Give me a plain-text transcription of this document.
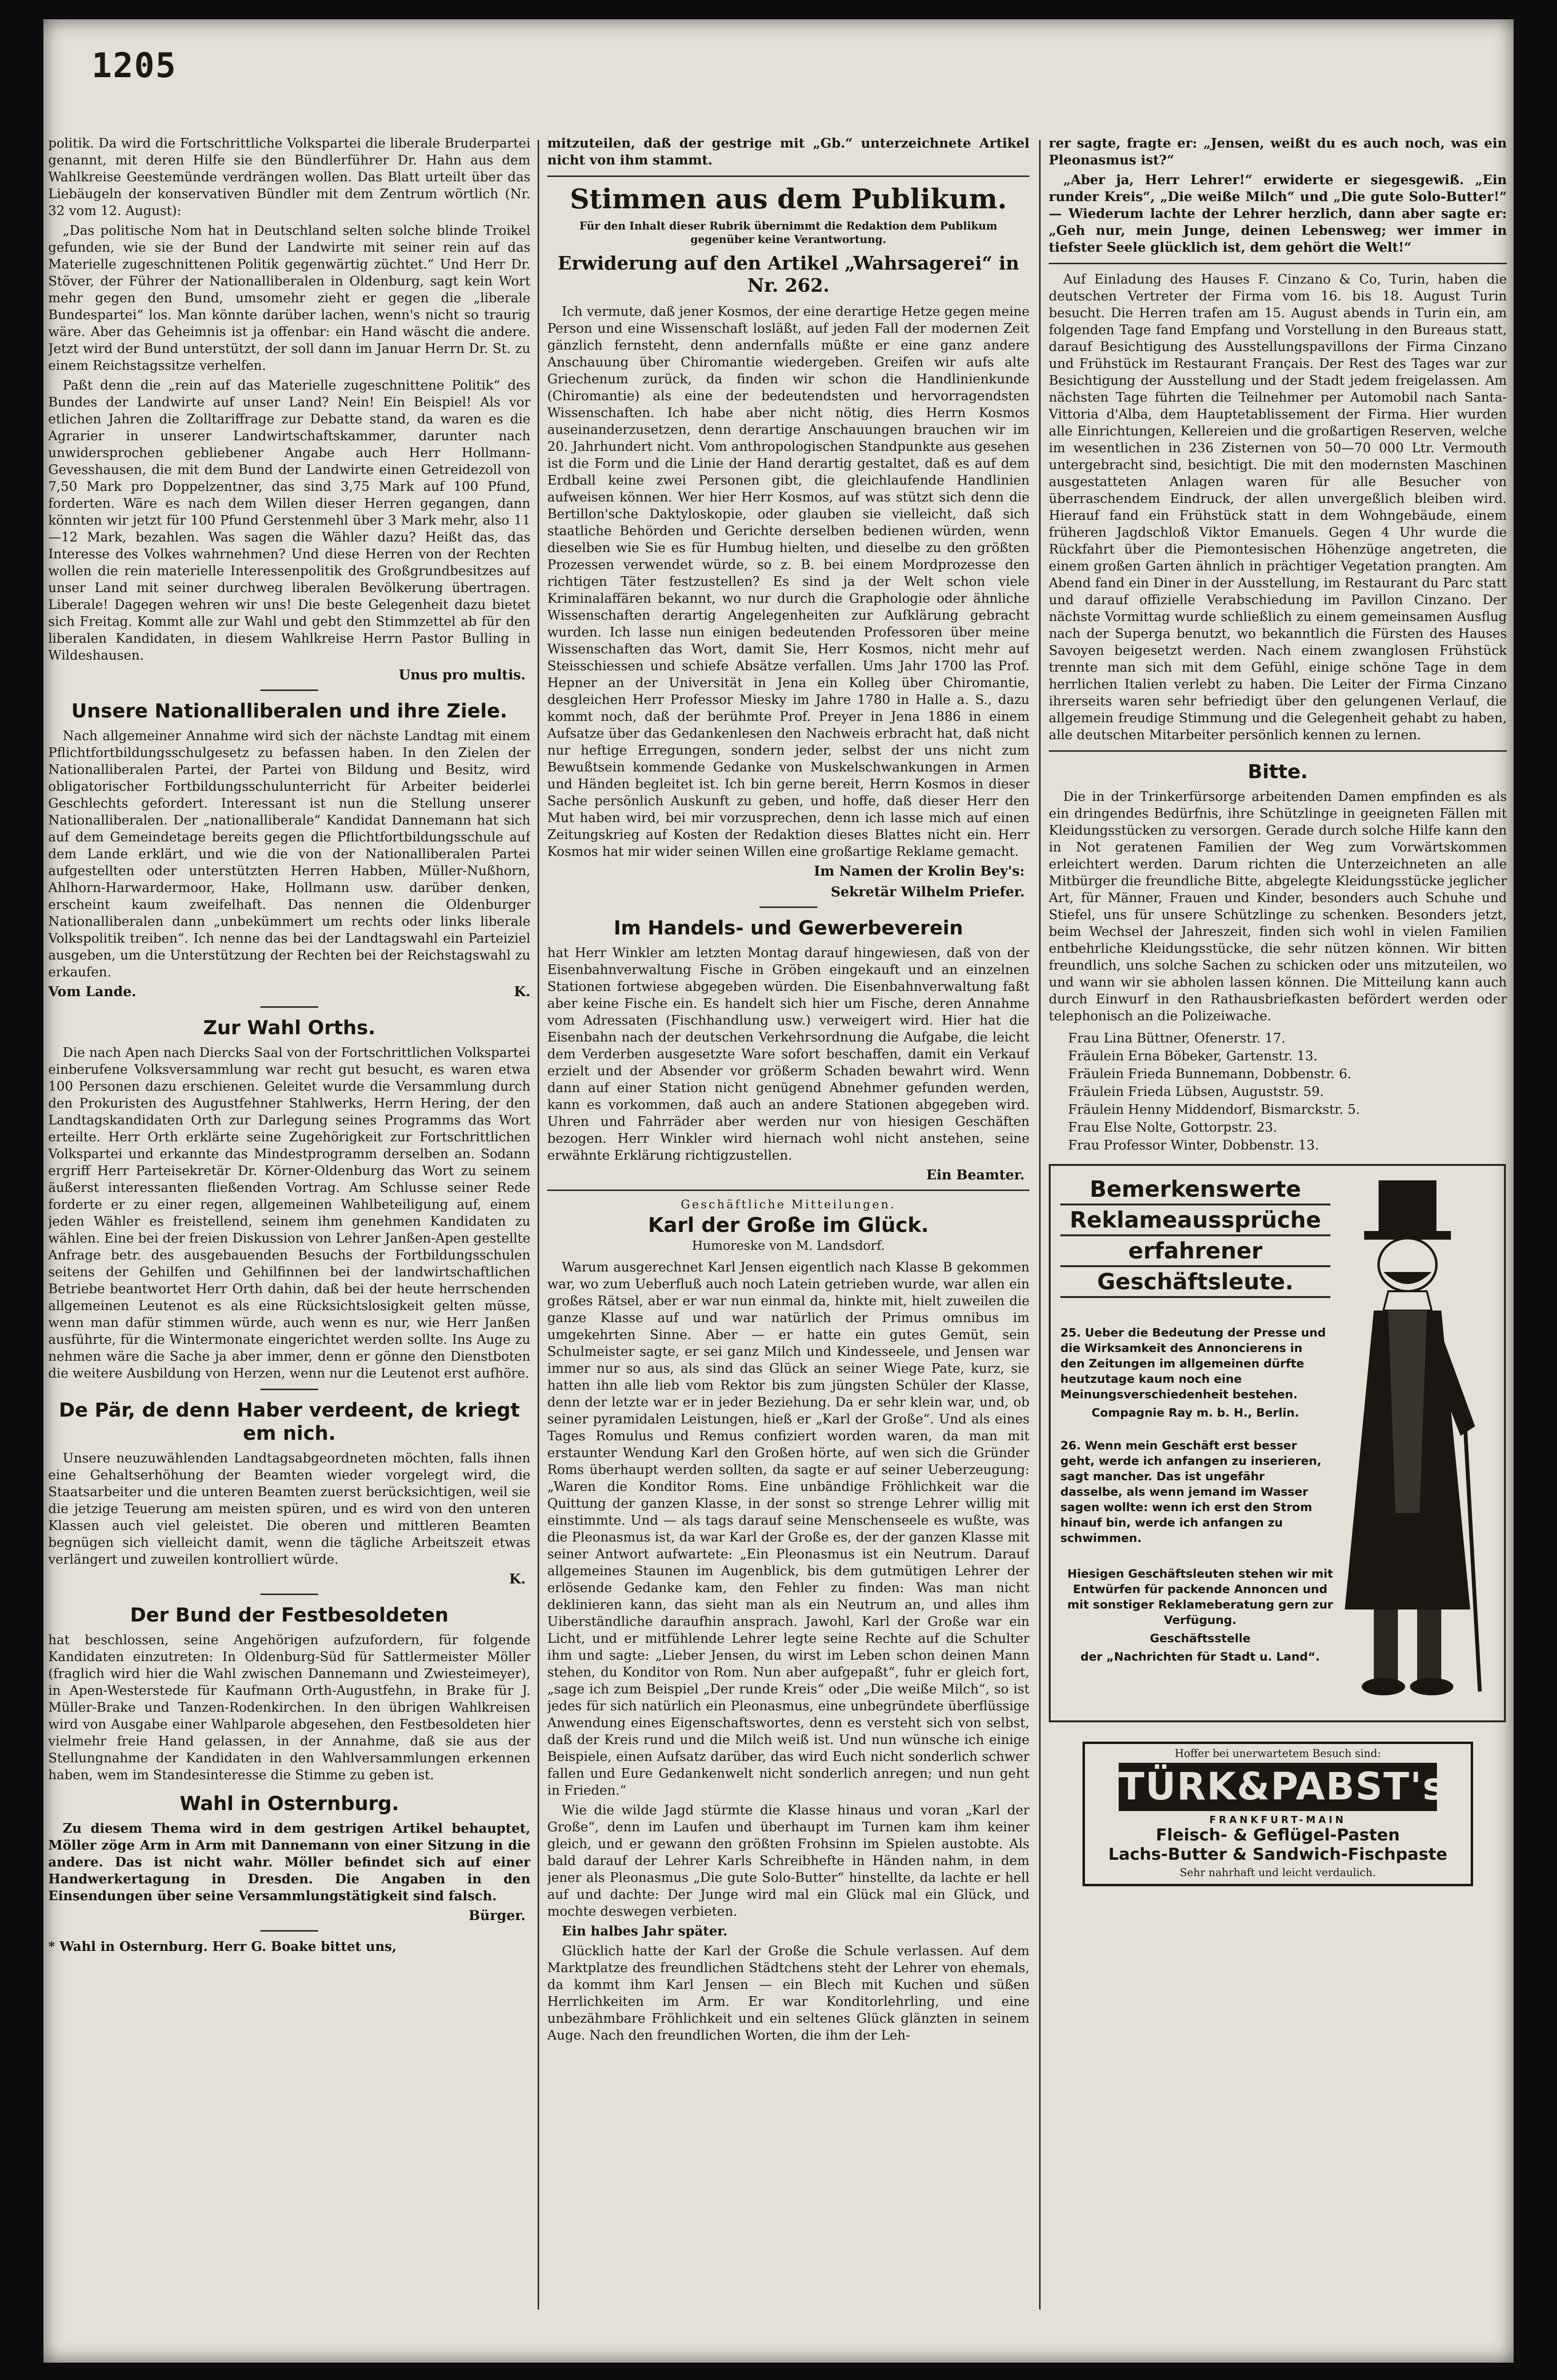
1205

politik. Da wird die Fortschrittliche Volkspartei die liberale Bruderpartei genannt, mit deren Hilfe sie den Bündlerführer Dr. Hahn aus dem Wahlkreise Geestemünde verdrängen wollen. Das Blatt urteilt über das Liebäugeln der konservativen Bündler mit dem Zentrum wörtlich (Nr. 32 vom 12. August):

„Das politische Nom hat in Deutschland selten solche blinde Troikel gefunden, wie sie der Bund der Landwirte mit seiner rein auf das Materielle zugeschnittenen Politik gegenwärtig züchtet.“ Und Herr Dr. Stöver, der Führer der Nationalliberalen in Oldenburg, sagt kein Wort mehr gegen den Bund, umsomehr zieht er gegen die „liberale Bundespartei“ los. Man könnte darüber lachen, wenn's nicht so traurig wäre. Aber das Geheimnis ist ja offenbar: ein Hand wäscht die andere. Jetzt wird der Bund unterstützt, der soll dann im Januar Herrn Dr. St. zu einem Reichstagssitze verhelfen.

Paßt denn die „rein auf das Materielle zugeschnittene Politik“ des Bundes der Landwirte auf unser Land? Nein! Ein Beispiel! Als vor etlichen Jahren die Zolltariffrage zur Debatte stand, da waren es die Agrarier in unserer Landwirtschaftskammer, darunter nach unwidersprochen gebliebener Angabe auch Herr Hollmann-Gevesshausen, die mit dem Bund der Landwirte einen Getreidezoll von 7,50 Mark pro Doppelzentner, das sind 3,75 Mark auf 100 Pfund, forderten. Wäre es nach dem Willen dieser Herren gegangen, dann könnten wir jetzt für 100 Pfund Gerstenmehl über 3 Mark mehr, also 11—12 Mark, bezahlen. Was sagen die Wähler dazu? Heißt das, das Interesse des Volkes wahrnehmen? Und diese Herren von der Rechten wollen die rein materielle Interessenpolitik des Großgrundbesitzes auf unser Land mit seiner durchweg liberalen Bevölkerung übertragen. Liberale! Dagegen wehren wir uns! Die beste Gelegenheit dazu bietet sich Freitag. Kommt alle zur Wahl und gebt den Stimmzettel ab für den liberalen Kandidaten, in diesem Wahlkreise Herrn Pastor Bulling in Wildeshausen.

Unus pro multis.
Unsere Nationalliberalen und ihre Ziele.

Nach allgemeiner Annahme wird sich der nächste Landtag mit einem Pflichtfortbildungsschulgesetz zu befassen haben. In den Zielen der Nationalliberalen Partei, der Partei von Bildung und Besitz, wird obligatorischer Fortbildungsschulunterricht für Arbeiter beiderlei Geschlechts gefordert. Interessant ist nun die Stellung unserer Nationalliberalen. Der „nationalliberale“ Kandidat Dannemann hat sich auf dem Gemeindetage bereits gegen die Pflichtfortbildungsschule auf dem Lande erklärt, und wie die von der Nationalliberalen Partei aufgestellten oder unterstützten Herren Habben, Müller-Nußhorn, Ahlhorn-Harwardermoor, Hake, Hollmann usw. darüber denken, erscheint kaum zweifelhaft. Das nennen die Oldenburger Nationalliberalen dann „unbekümmert um rechts oder links liberale Volkspolitik treiben“. Ich nenne das bei der Landtagswahl ein Parteiziel ausgeben, um die Unterstützung der Rechten bei der Reichstagswahl zu erkaufen.

Vom Lande.	K.
Zur Wahl Orths.

Die nach Apen nach Diercks Saal von der Fortschrittlichen Volkspartei einberufene Volksversammlung war recht gut besucht, es waren etwa 100 Personen dazu erschienen. Geleitet wurde die Versammlung durch den Prokuristen des Augustfehner Stahlwerks, Herrn Hering, der den Landtagskandidaten Orth zur Darlegung seines Programms das Wort erteilte. Herr Orth erklärte seine Zugehörigkeit zur Fortschrittlichen Volkspartei und erkannte das Mindestprogramm derselben an. Sodann ergriff Herr Parteisekretär Dr. Körner-Oldenburg das Wort zu seinem äußerst interessanten fließenden Vortrag. Am Schlusse seiner Rede forderte er zu einer regen, allgemeinen Wahlbeteiligung auf, einem jeden Wähler es freistellend, seinem ihm genehmen Kandidaten zu wählen. Eine bei der freien Diskussion von Lehrer Janßen-Apen gestellte Anfrage betr. des ausgebauenden Besuchs der Fortbildungsschulen seitens der Gehilfen und Gehilfinnen bei der landwirtschaftlichen Betriebe beantwortet Herr Orth dahin, daß bei der heute herrschenden allgemeinen Leutenot es als eine Rücksichtslosigkeit gelten müsse, wenn man dafür stimmen würde, auch wenn es nur, wie Herr Janßen ausführte, für die Wintermonate eingerichtet werden sollte. Ins Auge zu nehmen wäre die Sache ja aber immer, denn er gönne den Dienstboten die weitere Ausbildung von Herzen, wenn nur die Leutenot erst aufhöre.

De Pär, de denn Haber verdeent, de kriegt em nich.

Unsere neuzuwählenden Landtagsabgeordneten möchten, falls ihnen eine Gehaltserhöhung der Beamten wieder vorgelegt wird, die Staatsarbeiter und die unteren Beamten zuerst berücksichtigen, weil sie die jetzige Teuerung am meisten spüren, und es wird von den unteren Klassen auch viel geleistet. Die oberen und mittleren Beamten begnügen sich vielleicht damit, wenn die tägliche Arbeitszeit etwas verlängert und zuweilen kontrolliert würde.

K.
Der Bund der Festbesoldeten

hat beschlossen, seine Angehörigen aufzufordern, für folgende Kandidaten einzutreten: In Oldenburg-Süd für Sattlermeister Möller (fraglich wird hier die Wahl zwischen Dannemann und Zwiesteimeyer), in Apen-Westerstede für Kaufmann Orth-Augustfehn, in Brake für J. Müller-Brake und Tanzen-Rodenkirchen. In den übrigen Wahlkreisen wird von Ausgabe einer Wahlparole abgesehen, den Festbesoldeten hier vielmehr freie Hand gelassen, in der Annahme, daß sie aus der Stellungnahme der Kandidaten in den Wahlversammlungen erkennen haben, wem im Standesinteresse die Stimme zu geben ist.

Wahl in Osternburg.

Zu diesem Thema wird in dem gestrigen Artikel behauptet, Möller zöge Arm in Arm mit Dannemann von einer Sitzung in die andere. Das ist nicht wahr. Möller befindet sich auf einer Handwerkertagung in Dresden. Die Angaben in den Einsendungen über seine Versammlungstätigkeit sind falsch.

Bürger.

* Wahl in Osternburg. Herr G. Boake bittet uns,

mitzuteilen, daß der gestrige mit „Gb.“ unterzeichnete Artikel nicht von ihm stammt.

Stimmen aus dem Publikum.
Für den Inhalt dieser Rubrik übernimmt die Redaktion dem Publikum gegenüber keine Verantwortung.
Erwiderung auf den Artikel „Wahrsagerei“ in Nr. 262.

Ich vermute, daß jener Kosmos, der eine derartige Hetze gegen meine Person und eine Wissenschaft losläßt, auf jeden Fall der modernen Zeit gänzlich fernsteht, denn andernfalls müßte er eine ganz andere Anschauung über Chiromantie wiedergeben. Greifen wir aufs alte Griechenum zurück, da finden wir schon die Handlinienkunde (Chiromantie) als eine der bedeutendsten und hervorragendsten Wissenschaften. Ich habe aber nicht nötig, dies Herrn Kosmos auseinanderzusetzen, denn derartige Anschauungen brauchen wir im 20. Jahrhundert nicht. Vom anthropologischen Standpunkte aus gesehen ist die Form und die Linie der Hand derartig gestaltet, daß es auf dem Erdball keine zwei Personen gibt, die gleichlaufende Handlinien aufweisen können. Wer hier Herr Kosmos, auf was stützt sich denn die Bertillon'sche Daktyloskopie, oder glauben sie vielleicht, daß sich staatliche Behörden und Gerichte derselben bedienen würden, wenn dieselben wie Sie es für Humbug hielten, und dieselbe zu den größten Prozessen verwendet würde, so z. B. bei einem Mordprozesse den richtigen Täter festzustellen? Es sind ja der Welt schon viele Kriminalaffären bekannt, wo nur durch die Graphologie oder ähnliche Wissenschaften derartig Angelegenheiten zur Aufklärung gebracht wurden. Ich lasse nun einigen bedeutenden Professoren über meine Wissenschaften das Wort, damit Sie, Herr Kosmos, nicht mehr auf Steisschiessen und schiefe Absätze verfallen. Ums Jahr 1700 las Prof. Hepner an der Universität in Jena ein Kolleg über Chiromantie, desgleichen Herr Professor Miesky im Jahre 1780 in Halle a. S., dazu kommt noch, daß der berühmte Prof. Preyer in Jena 1886 in einem Aufsatze über das Gedankenlesen den Nachweis erbracht hat, daß nicht nur heftige Erregungen, sondern jeder, selbst der uns nicht zum Bewußtsein kommende Gedanke von Muskelschwankungen in Armen und Händen begleitet ist. Ich bin gerne bereit, Herrn Kosmos in dieser Sache persönlich Auskunft zu geben, und hoffe, daß dieser Herr den Mut haben wird, bei mir vorzusprechen, denn ich lasse mich auf einen Zeitungskrieg auf Kosten der Redaktion dieses Blattes nicht ein. Herr Kosmos hat mir wider seinen Willen eine großartige Reklame gemacht.

Im Namen der Krolin Bey's:
Sekretär Wilhelm Priefer.
Im Handels- und Gewerbeverein

hat Herr Winkler am letzten Montag darauf hingewiesen, daß von der Eisenbahnverwaltung Fische in Gröben eingekauft und an einzelnen Stationen fortwiese abgegeben würden. Die Eisenbahnverwaltung faßt aber keine Fische ein. Es handelt sich hier um Fische, deren Annahme vom Adressaten (Fischhandlung usw.) verweigert wird. Hier hat die Eisenbahn nach der deutschen Verkehrsordnung die Aufgabe, die leicht dem Verderben ausgesetzte Ware sofort beschaffen, damit ein Verkauf erzielt und der Absender vor größerm Schaden bewahrt wird. Wenn dann auf einer Station nicht genügend Abnehmer gefunden werden, kann es vorkommen, daß auch an andere Stationen abgegeben wird. Uhren und Fahrräder aber werden nur von hiesigen Geschäften bezogen. Herr Winkler wird hiernach wohl nicht anstehen, seine erwähnte Erklärung richtigzustellen.

Ein Beamter.
Geschäftliche Mitteilungen.
Karl der Große im Glück.
Humoreske von M. Landsdorf.

Warum ausgerechnet Karl Jensen eigentlich nach Klasse B gekommen war, wo zum Ueberfluß auch noch Latein getrieben wurde, war allen ein großes Rätsel, aber er war nun einmal da, hinkte mit, hielt zuweilen die ganze Klasse auf und war natürlich der Primus omnibus im umgekehrten Sinne. Aber — er hatte ein gutes Gemüt, sein Schulmeister sagte, er sei ganz Milch und Kindesseele, und Jensen war immer nur so aus, als sind das Glück an seiner Wiege Pate, kurz, sie hatten ihn alle lieb vom Rektor bis zum jüngsten Schüler der Klasse, denn der letzte war er in jeder Beziehung. Da er sehr klein war, und, ob seiner pyramidalen Leistungen, hieß er „Karl der Große“. Und als eines Tages Romulus und Remus confiziert worden waren, da man mit erstaunter Wendung Karl den Großen hörte, auf wen sich die Gründer Roms überhaupt werden sollten, da sagte er auf seiner Ueberzeugung: „Waren die Konditor Roms. Eine unbändige Fröhlichkeit war die Quittung der ganzen Klasse, in der sonst so strenge Lehrer willig mit einstimmte. Und — als tags darauf seine Menschenseele es wußte, was die Pleonasmus ist, da war Karl der Große es, der der ganzen Klasse mit seiner Antwort aufwartete: „Ein Pleonasmus ist ein Neutrum. Darauf allgemeines Staunen im Augenblick, bis dem gutmütigen Lehrer der erlösende Gedanke kam, den Fehler zu finden: Was man nicht deklinieren kann, das sieht man als ein Neutrum an, und alles ihm Uiberständliche daraufhin ansprach. Jawohl, Karl der Große war ein Licht, und er mitfühlende Lehrer legte seine Rechte auf die Schulter ihm und sagte: „Lieber Jensen, du wirst im Leben schon deinen Mann stehen, du Konditor von Rom. Nun aber aufgepaßt“, fuhr er gleich fort, „sage ich zum Beispiel „Der runde Kreis“ oder „Die weiße Milch“, so ist jedes für sich natürlich ein Pleonasmus, eine unbegründete überflüssige Anwendung eines Eigenschaftswortes, denn es versteht sich von selbst, daß der Kreis rund und die Milch weiß ist. Und nun wünsche ich einige Beispiele, einen Aufsatz darüber, das wird Euch nicht sonderlich schwer fallen und Eure Gedankenwelt nicht sonderlich anregen; und nun geht in Frieden.“

Wie die wilde Jagd stürmte die Klasse hinaus und voran „Karl der Große“, denn im Laufen und überhaupt im Turnen kam ihm keiner gleich, und er gewann den größten Frohsinn im Spielen austobte. Als bald darauf der Lehrer Karls Schreibhefte in Händen nahm, in dem jener als Pleonasmus „Die gute Solo-Butter“ hinstellte, da lachte er hell auf und dachte: Der Junge wird mal ein Glück mal ein Glück, und mochte deswegen verbieten.

Ein halbes Jahr später.

Glücklich hatte der Karl der Große die Schule verlassen. Auf dem Marktplatze des freundlichen Städtchens steht der Lehrer von ehemals, da kommt ihm Karl Jensen — ein Blech mit Kuchen und süßen Herrlichkeiten im Arm. Er war Konditorlehrling, und eine unbezähmbare Fröhlichkeit und ein seltenes Glück glänzten in seinem Auge. Nach den freundlichen Worten, die ihm der Leh-

rer sagte, fragte er: „Jensen, weißt du es auch noch, was ein Pleonasmus ist?“

„Aber ja, Herr Lehrer!“ erwiderte er siegesgewiß. „Ein runder Kreis“, „Die weiße Milch“ und „Die gute Solo-Butter!“ — Wiederum lachte der Lehrer herzlich, dann aber sagte er: „Geh nur, mein Junge, deinen Lebensweg; wer immer in tiefster Seele glücklich ist, dem gehört die Welt!“

Auf Einladung des Hauses F. Cinzano & Co, Turin, haben die deutschen Vertreter der Firma vom 16. bis 18. August Turin besucht. Die Herren trafen am 15. August abends in Turin ein, am folgenden Tage fand Empfang und Vorstellung in den Bureaus statt, darauf Besichtigung des Ausstellungspavillons der Firma Cinzano und Frühstück im Restaurant Français. Der Rest des Tages war zur Besichtigung der Ausstellung und der Stadt jedem freigelassen. Am nächsten Tage führten die Teilnehmer per Automobil nach Santa-Vittoria d'Alba, dem Hauptetablissement der Firma. Hier wurden alle Einrichtungen, Kellereien und die großartigen Reserven, welche im wesentlichen in 236 Zisternen von 50—70 000 Ltr. Vermouth untergebracht sind, besichtigt. Die mit den modernsten Maschinen ausgestatteten Anlagen waren für alle Besucher von überraschendem Eindruck, der allen unvergeßlich bleiben wird. Hierauf fand ein Frühstück statt in dem Wohngebäude, einem früheren Jagdschloß Viktor Emanuels. Gegen 4 Uhr wurde die Rückfahrt über die Piemontesischen Höhenzüge angetreten, die einem großen Garten ähnlich in prächtiger Vegetation prangten. Am Abend fand ein Diner in der Ausstellung, im Restaurant du Parc statt und darauf offizielle Verabschiedung im Pavillon Cinzano. Der nächste Vormittag wurde schließlich zu einem gemeinsamen Ausflug nach der Superga benutzt, wo bekanntlich die Fürsten des Hauses Savoyen beigesetzt werden. Nach einem zwanglosen Frühstück trennte man sich mit dem Gefühl, einige schöne Tage in dem herrlichen Italien verlebt zu haben. Die Leiter der Firma Cinzano ihrerseits waren sehr befriedigt über den gelungenen Verlauf, die allgemein freudige Stimmung und die Gelegenheit gehabt zu haben, alle deutschen Mitarbeiter persönlich kennen zu lernen.

Bitte.

Die in der Trinkerfürsorge arbeitenden Damen empfinden es als ein dringendes Bedürfnis, ihre Schützlinge in geeigneten Fällen mit Kleidungsstücken zu versorgen. Gerade durch solche Hilfe kann den in Not geratenen Familien der Weg zum Vorwärtskommen erleichtert werden. Darum richten die Unterzeichneten an alle Mitbürger die freundliche Bitte, abgelegte Kleidungsstücke jeglicher Art, für Männer, Frauen und Kinder, besonders auch Schuhe und Stiefel, uns für unsere Schützlinge zu schenken. Besonders jetzt, beim Wechsel der Jahreszeit, finden sich wohl in vielen Familien entbehrliche Kleidungsstücke, die sehr nützen können. Wir bitten freundlich, uns solche Sachen zu schicken oder uns mitzuteilen, wo und wann wir sie abholen lassen können. Die Mitteilung kann auch durch Einwurf in den Rathausbriefkasten befördert werden oder telephonisch an die Polizeiwache.

Frau Lina Büttner, Ofenerstr. 17.
Fräulein Erna Böbeker, Gartenstr. 13.
Fräulein Frieda Bunnemann, Dobbenstr. 6.
Fräulein Frieda Lübsen, Auguststr. 59.
Fräulein Henny Middendorf, Bismarckstr. 5.
Frau Else Nolte, Gottorpstr. 23.
Frau Professor Winter, Dobbenstr. 13.
Bemerkenswerte
Reklameaussprüche
erfahrener
Geschäftsleute.

25. Ueber die Bedeutung der Presse und die Wirksamkeit des Annoncierens in den Zeitungen im allgemeinen dürfte heutzutage kaum noch eine Meinungsverschiedenheit bestehen.

Compagnie Ray m. b. H., Berlin.

26. Wenn mein Geschäft erst besser geht, werde ich anfangen zu inserieren, sagt mancher. Das ist ungefähr dasselbe, als wenn jemand im Wasser sagen wollte: wenn ich erst den Strom hinauf bin, werde ich anfangen zu schwimmen.

Hiesigen Geschäftsleuten stehen wir mit Entwürfen für packende Annoncen und mit sonstiger Reklameberatung gern zur Verfügung.

Geschäftsstelle

der „Nachrichten für Stadt u. Land“.

Hoffer bei unerwartetem Besuch sind:
TÜRK&PABST's
FRANKFURT-MAIN
Fleisch- & Geflügel-Pasten
Lachs-Butter & Sandwich-Fischpaste
Sehr nahrhaft und leicht verdaulich.
